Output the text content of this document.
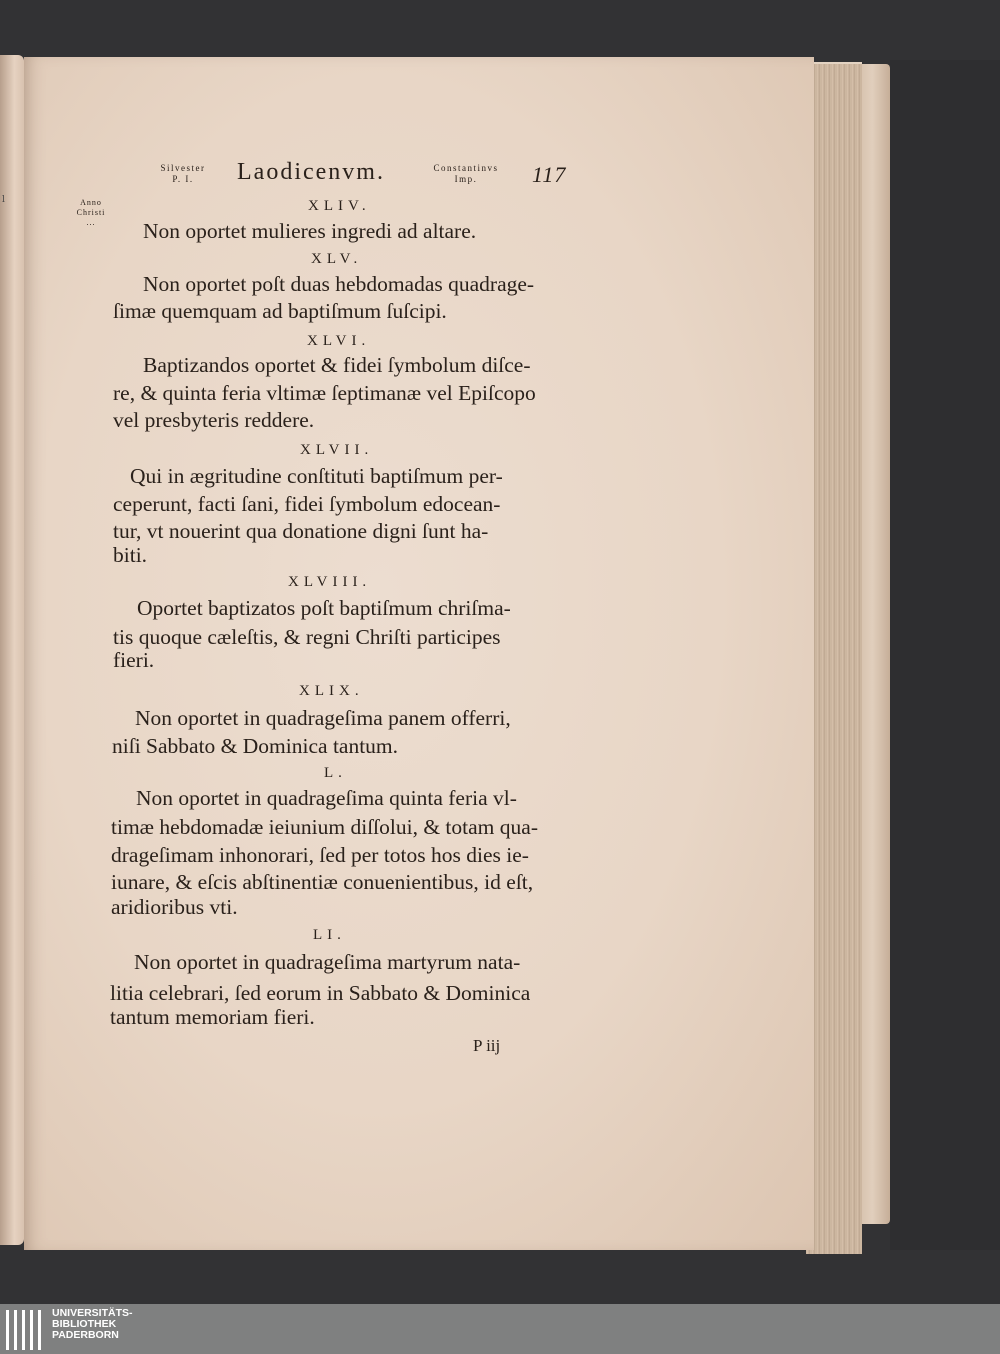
l
Silvester
P. I.	Laodicenvm.	Constantinvs
Imp.	117
Anno
Christi
...
XLIV.
Non oportet mulieres ingredi ad altare.
XLV.
Non oportet poſt duas hebdomadas quadrage-
ſimæ quemquam ad baptiſmum ſuſcipi.
XLVI.
Baptizandos oportet & fidei ſymbolum diſce-
re, & quinta feria vltimæ ſeptimanæ vel Epiſcopo
vel presbyteris reddere.
XLVII.
Qui in ægritudine conſtituti baptiſmum per-
ceperunt, facti ſani, fidei ſymbolum edocean-
tur, vt nouerint qua donatione digni ſunt ha-
biti.
XLVIII.
Oportet baptizatos poſt baptiſmum chriſma-
tis quoque cæleſtis, & regni Chriſti participes
fieri.
XLIX.
Non oportet in quadrageſima panem offerri,
niſi Sabbato & Dominica tantum.
L.
Non oportet in quadrageſima quinta feria vl-
timæ hebdomadæ ieiunium diſſolui, & totam qua-
drageſimam inhonorari, ſed per totos hos dies ie-
iunare, & eſcis abſtinentiæ conuenientibus, id eſt,
aridioribus vti.
LI.
Non oportet in quadrageſima martyrum nata-
litia celebrari, ſed eorum in Sabbato & Dominica
tantum memoriam fieri.
P iij
UNIVERSITÄTS-
BIBLIOTHEK
PADERBORN
